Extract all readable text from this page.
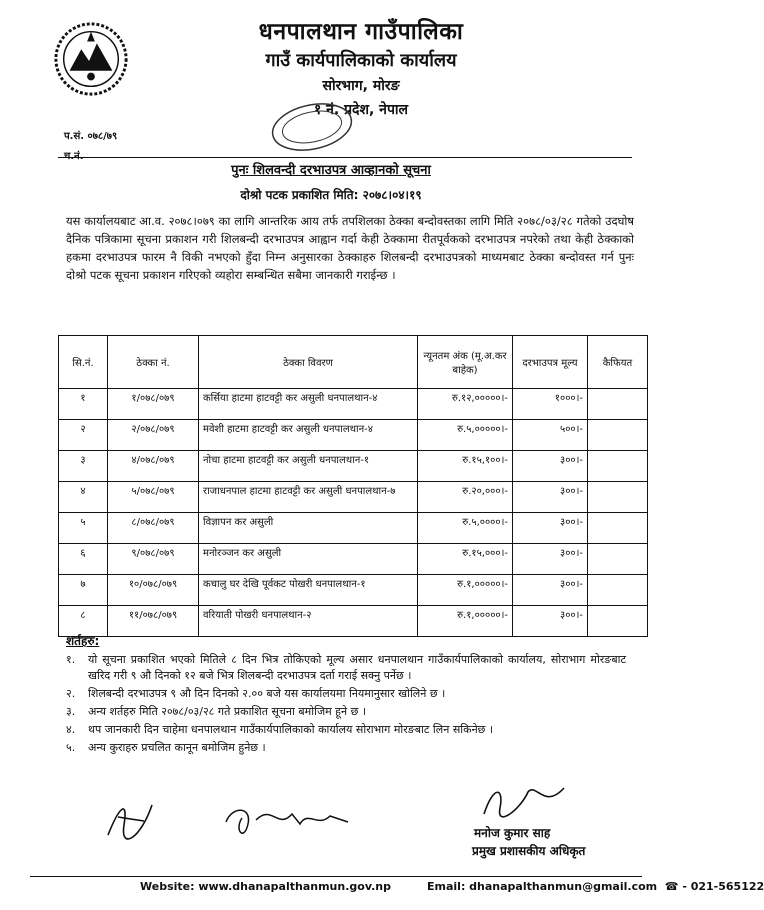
धनपालथान गाउँपालिका
गाउँ कार्यपालिकाको कार्यालय
सोरभाग, मोरङ
१ नं. प्रदेश, नेपाल
प.सं. ०७८/७९
च.नं.
पुनः शिलवन्दी दरभाउपत्र आव्हानको सूचना
दोश्रो पटक प्रकाशित मिति: २०७८।०४।१९
यस कार्यालयबाट आ.व. २०७८।०७९ का लागि आन्तरिक आय तर्फ तपशिलका ठेक्का बन्दोवस्तका लागि मिति २०७८/०३/२८ गतेको उदघोष दैनिक पत्रिकामा सूचना प्रकाशन गरी शिलबन्दी दरभाउपत्र आह्वान गर्दा केही ठेक्कामा रीतपूर्वकको दरभाउपत्र नपरेको तथा केही ठेक्काको हकमा दरभाउपत्र फारम नै विकी नभएको हुँदा निम्न अनुसारका ठेक्काहरु शिलबन्दी दरभाउपत्रको माध्यमबाट ठेक्का बन्दोवस्त गर्न पुनः दोश्रो पटक सूचना प्रकाशन गरिएको व्यहोरा सम्बन्धित सबैमा जानकारी गराईन्छ ।
सि.नं.	ठेक्का नं.	ठेक्का विवरण	न्यूनतम अंक (मू.अ.कर बाहेक)	दरभाउपत्र मूल्य	कैफियत
१	१/०७८/०७९	कर्सिया हाटमा हाटवट्टी कर असुली धनपालथान-४	रु.१२,०००००।-	१०००।-	
२	२/०७८/०७९	मवेशी हाटमा हाटवट्टी कर असुली धनपालथान-४	रु.५,०००००।-	५००।-	
३	४/०७८/०७९	नोचा हाटमा हाटवट्टी कर असुली धनपालथान-१	रु.१५,१००।-	३००।-	
४	५/०७८/०७९	राजाधनपाल हाटमा हाटवट्टी कर असुली धनपालथान-७	रु.२०,०००।-	३००।-	
५	८/०७८/०७९	विज्ञापन कर असुली	रु.५,००००।-	३००।-	
६	९/०७८/०७९	मनोरञ्जन कर असुली	रु.१५,०००।-	३००।-	
७	१०/०७८/०७९	कचालु घर देखि पूर्वकट पोखरी धनपालथान-१	रु.१,०००००।-	३००।-	
८	११/०७८/०७९	वरियाती पोखरी धनपालथान-२	रु.१,०००००।-	३००।-	
शर्तहरु:
१.	यो सूचना प्रकाशित भएको मितिले ८ दिन भित्र तोकिएको मूल्य असार धनपालथान गाउँकार्यपालिकाको कार्यालय, सोराभाग मोरङबाट खरिद गरी ९ औ दिनको १२ बजे भित्र शिलबन्दी दरभाउपत्र दर्ता गराई सक्नु पर्नेछ ।
२.	शिलबन्दी दरभाउपत्र ९ औ दिन दिनको २.०० बजे यस कार्यालयमा नियमानुसार खोलिने छ ।
३.	अन्य शर्तहरु मिति २०७८/०३/२८ गते प्रकाशित सूचना बमोजिम हूने छ ।
४.	थप जानकारी दिन चाहेमा धनपालथान गाउँकार्यपालिकाको कार्यालय सोराभाग मोरङबाट लिन सकिनेछ ।
५.	अन्य कुराहरु प्रचलित कानून बमोजिम हुनेछ ।
मनोज कुमार साह
प्रमुख प्रशासकीय अधिकृत
Website: www.dhanapalthanmun.gov.np	Email: dhanapalthanmun@gmail.com ☎ - 021-565122
